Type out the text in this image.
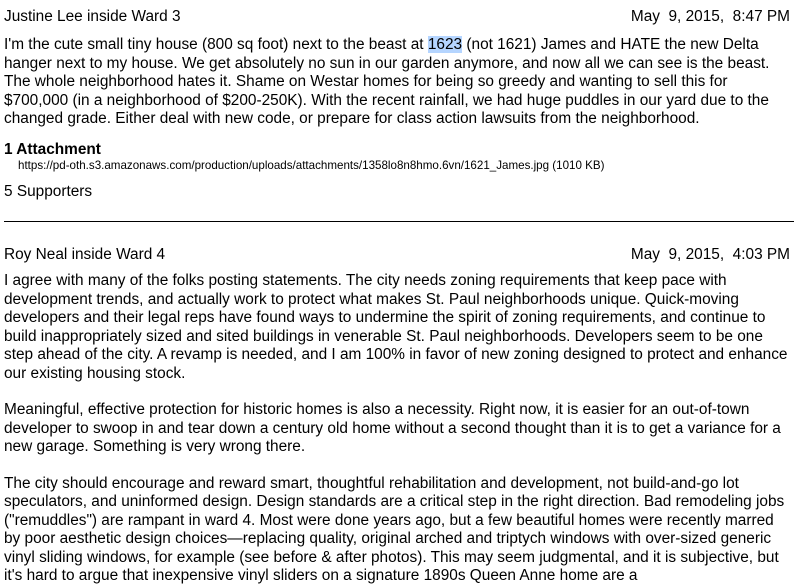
Justine Lee inside Ward 3	May  9, 2015,  8:47 PM

I'm the cute small tiny house (800 sq foot) next to the beast at 1623 (not 1621) James and HATE the new Delta hanger next to my house. We get absolutely no sun in our garden anymore, and now all we can see is the beast. The whole neighborhood hates it. Shame on Westar homes for being so greedy and wanting to sell this for $700,000 (in a neighborhood of $200-250K). With the recent rainfall, we had huge puddles in our yard due to the changed grade. Either deal with new code, or prepare for class action lawsuits from the neighborhood.

1 Attachment
https://pd-oth.s3.amazonaws.com/production/uploads/attachments/1358lo8n8hmo.6vn/1621_James.jpg (1010 KB)
5 Supporters
Roy Neal inside Ward 4	May  9, 2015,  4:03 PM

I agree with many of the folks posting statements. The city needs zoning requirements that keep pace with development trends, and actually work to protect what makes St. Paul neighborhoods unique. Quick-moving developers and their legal reps have found ways to undermine the spirit of zoning requirements, and continue to build inappropriately sized and sited buildings in venerable St. Paul neighborhoods. Developers seem to be one step ahead of the city. A revamp is needed, and I am 100% in favor of new zoning designed to protect and enhance our existing housing stock.

Meaningful, effective protection for historic homes is also a necessity. Right now, it is easier for an out-of-town developer to swoop in and tear down a century old home without a second thought than it is to get a variance for a new garage. Something is very wrong there.

The city should encourage and reward smart, thoughtful rehabilitation and development, not build-and-go lot speculators, and uninformed design. Design standards are a critical step in the right direction. Bad remodeling jobs ("remuddles") are rampant in ward 4. Most were done years ago, but a few beautiful homes were recently marred by poor aesthetic design choices—replacing quality, original arched and triptych windows with over-sized generic vinyl sliding windows, for example (see before & after photos). This may seem judgmental, and it is subjective, but it's hard to argue that inexpensive vinyl sliders on a signature 1890s Queen Anne home are a
